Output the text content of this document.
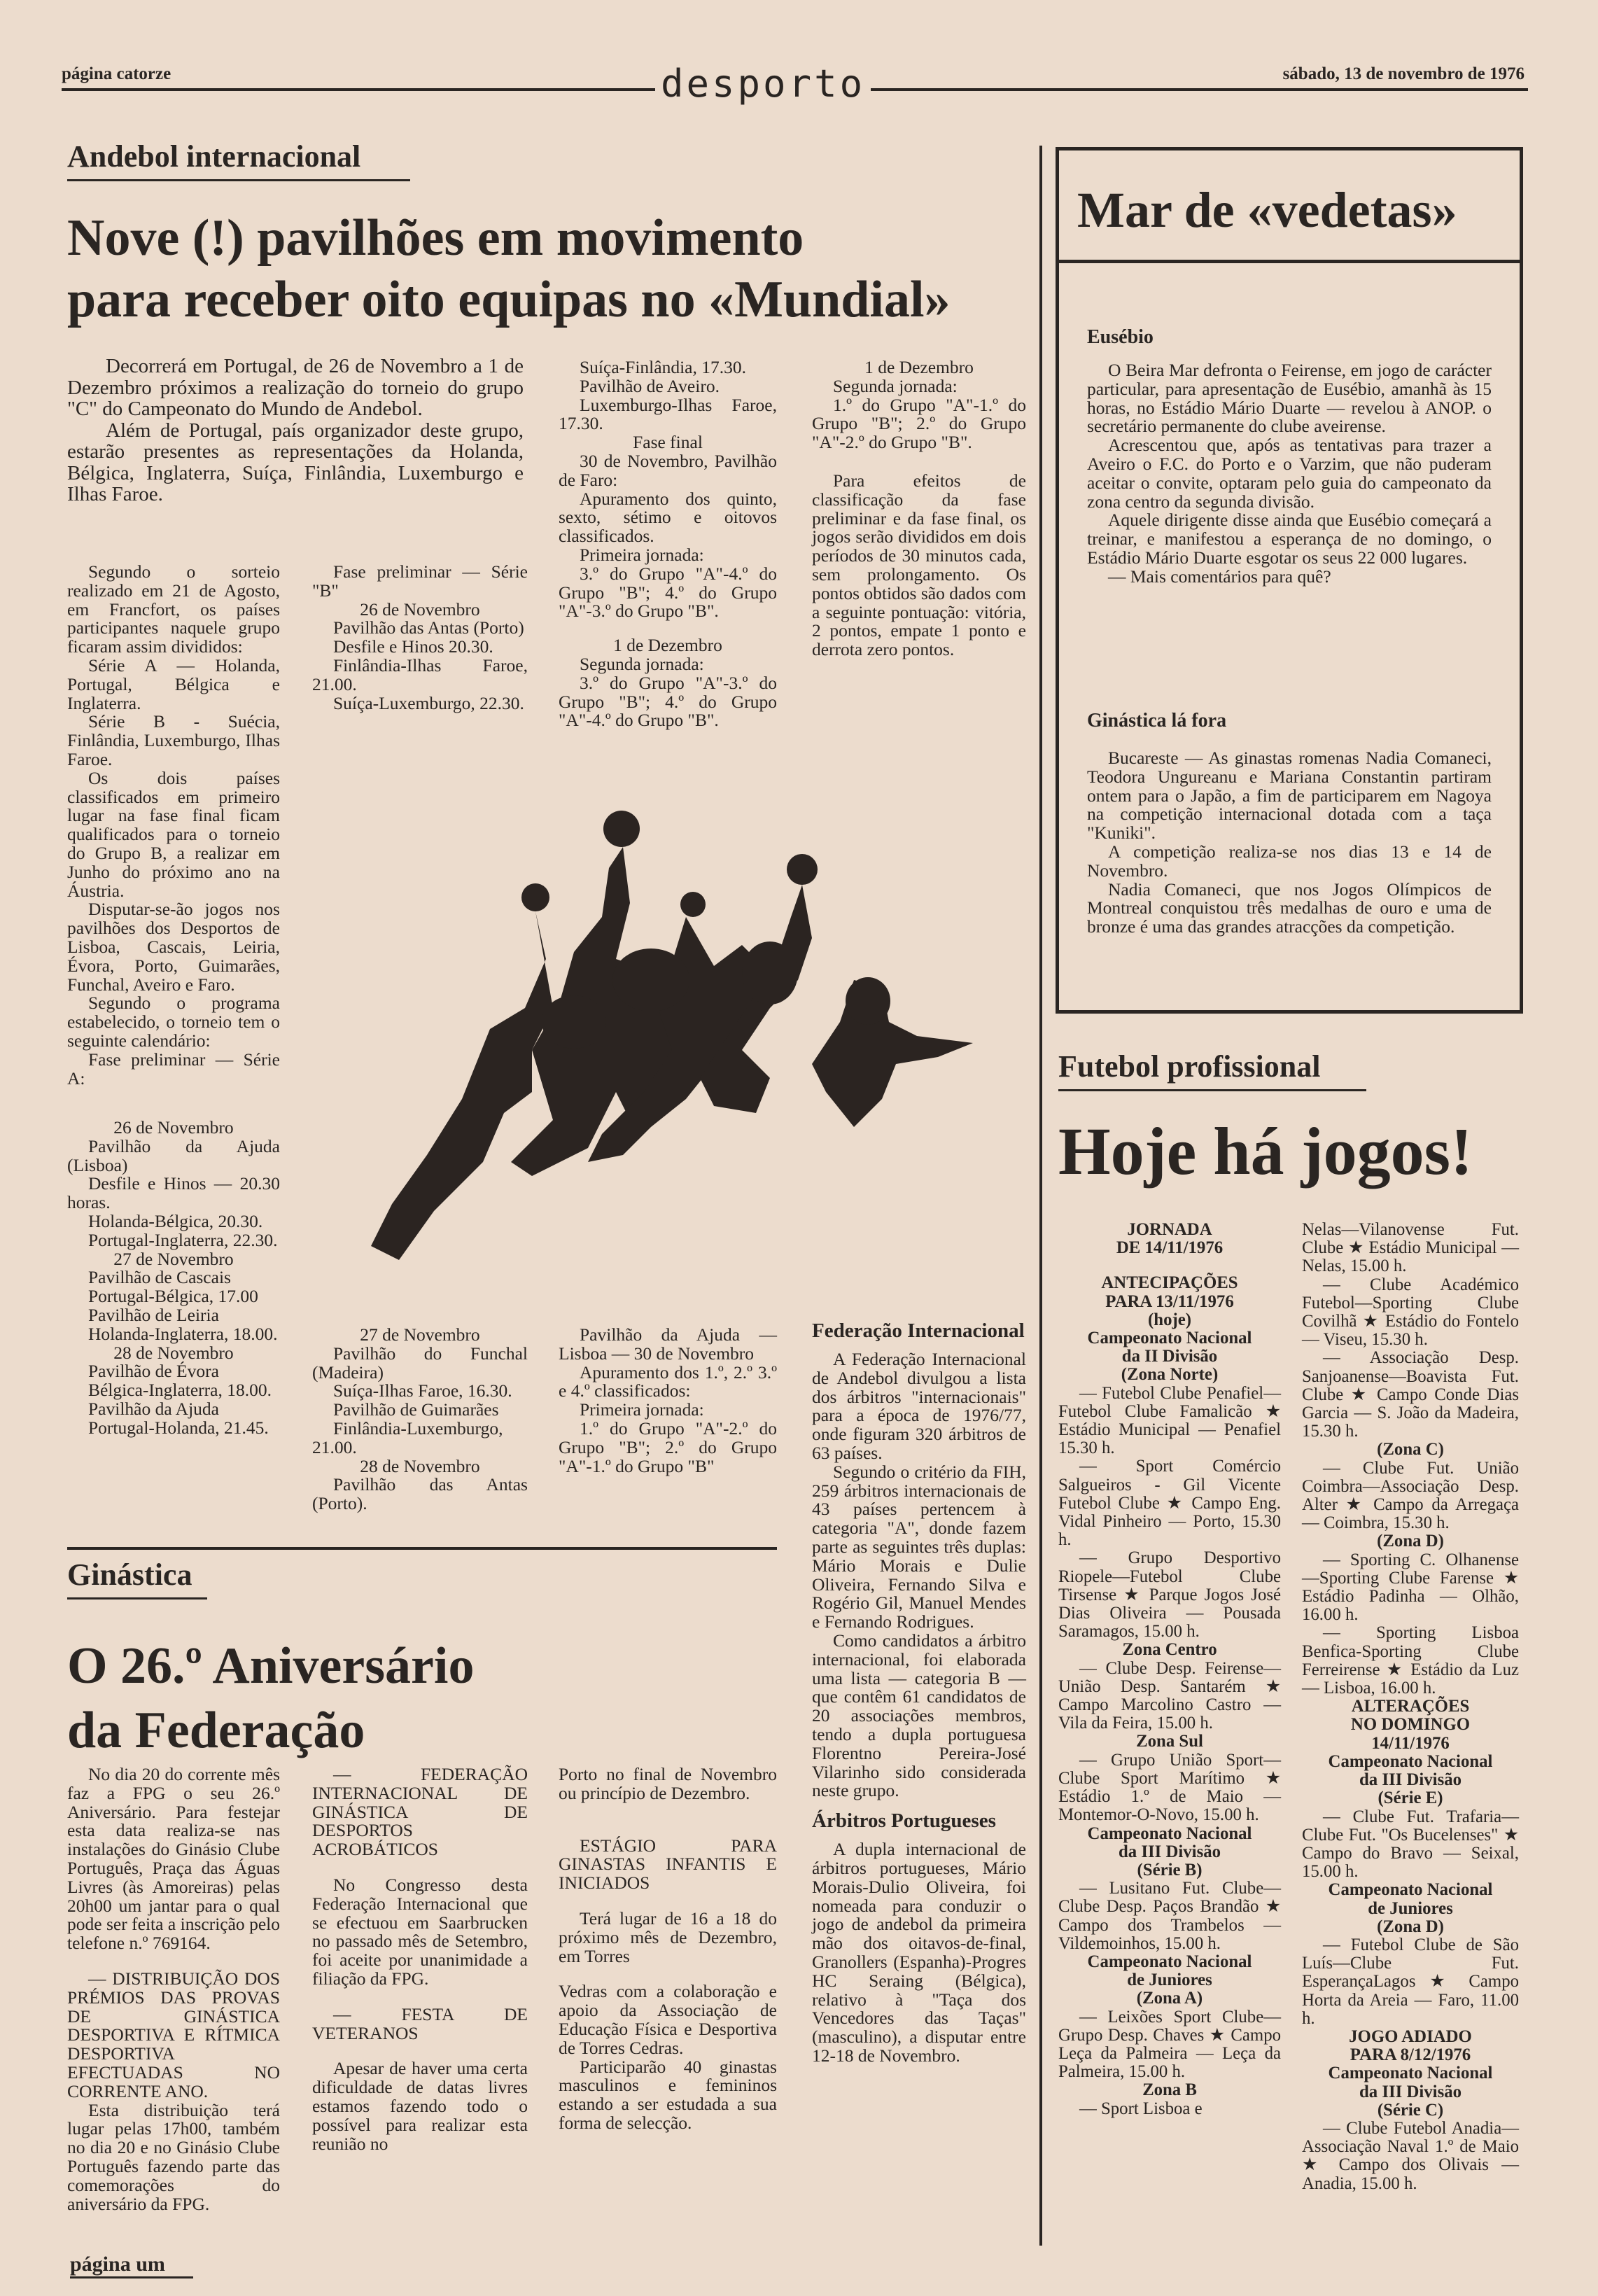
página catorze	desporto	sábado, 13 de novembro de 1976
Andebol internacional
Nove (!) pavilhões em movimento
para receber oito equipas no «Mundial»

Decorrerá em Portugal, de 26 de Novembro a 1 de Dezembro próximos a realização do torneio do grupo "C" do Campeonato do Mundo de Andebol.

Além de Portugal, país organizador deste grupo, estarão presentes as representações da Holanda, Bélgica, Inglaterra, Suíça, Finlândia, Luxemburgo e Ilhas Faroe.

Segundo o sorteio realizado em 21 de Agosto, em Francfort, os países participantes naquele grupo ficaram assim divididos:

Série A — Holanda, Portugal, Bélgica e Inglaterra.

Série B - Suécia, Finlândia, Luxemburgo, Ilhas Faroe.

Os dois países classificados em primeiro lugar na fase final ficam qualificados para o torneio do Grupo B, a realizar em Junho do próximo ano na Áustria.

Disputar-se-ão jogos nos pavilhões dos Desportos de Lisboa, Cascais, Leiria, Évora, Porto, Guimarães, Funchal, Aveiro e Faro.

Segundo o programa estabelecido, o torneio tem o seguinte calendário:

Fase preliminar — Série A:

26 de Novembro

Pavilhão da Ajuda (Lisboa)

Desfile e Hinos — 20.30 horas.

Holanda-Bélgica, 20.30.

Portugal-Inglaterra, 22.30.

27 de Novembro

Pavilhão de Cascais

Portugal-Bélgica, 17.00

Pavilhão de Leiria

Holanda-Inglaterra, 18.00.

28 de Novembro

Pavilhão de Évora

Bélgica-Inglaterra, 18.00.

Pavilhão da Ajuda

Portugal-Holanda, 21.45.

Fase preliminar — Série "B"

26 de Novembro

Pavilhão das Antas (Porto)

Desfile e Hinos 20.30.

Finlândia-Ilhas Faroe, 21.00.

Suíça-Luxemburgo, 22.30.

27 de Novembro

Pavilhão do Funchal (Madeira)

Suíça-Ilhas Faroe, 16.30.

Pavilhão de Guimarães

Finlândia-Luxemburgo, 21.00.

28 de Novembro

Pavilhão das Antas (Porto).

Suíça-Finlândia, 17.30.

Pavilhão de Aveiro.

Luxemburgo-Ilhas Faroe, 17.30.

Fase final

30 de Novembro, Pavilhão de Faro:

Apuramento dos quinto, sexto, sétimo e oitovos classificados.

Primeira jornada:

3.º do Grupo "A"-4.º do Grupo "B"; 4.º do Grupo "A"-3.º do Grupo "B".

1 de Dezembro

Segunda jornada:

3.º do Grupo "A"-3.º do Grupo "B"; 4.º do Grupo "A"-4.º do Grupo "B".

Pavilhão da Ajuda — Lisboa — 30 de Novembro

Apuramento dos 1.º, 2.º 3.º e 4.º classificados:

Primeira jornada:

1.º do Grupo "A"-2.º do Grupo "B"; 2.º do Grupo "A"-1.º do Grupo "B"

1 de Dezembro

Segunda jornada:

1.º do Grupo "A"-1.º do Grupo "B"; 2.º do Grupo "A"-2.º do Grupo "B".

Para efeitos de classificação da fase preliminar e da fase final, os jogos serão divididos em dois períodos de 30 minutos cada, sem prolongamento. Os pontos obtidos são dados com a seguinte pontuação: vitória, 2 pontos, empate 1 ponto e derrota zero pontos.

Federação Internacional

A Federação Internacional de Andebol divulgou a lista dos árbitros "internacionais" para a época de 1976/77, onde figuram 320 árbitros de 63 países.

Segundo o critério da FIH, 259 árbitros internacionais de 43 países pertencem à categoria "A", donde fazem parte as seguintes três duplas: Mário Morais e Dulie Oliveira, Fernando Silva e Rogério Gil, Manuel Mendes e Fernando Rodrigues.

Como candidatos a árbitro internacional, foi elaborada uma lista — categoria B — que contêm 61 candidatos de 20 associações membros, tendo a dupla portuguesa Florentno Pereira-José Vilarinho sido considerada neste grupo.

Árbitros Portugueses

A dupla internacional de árbitros portugueses, Mário Morais-Dulio Oliveira, foi nomeada para conduzir o jogo de andebol da primeira mão dos oitavos-de-final, Granollers (Espanha)-Progres HC Seraing (Bélgica), relativo à "Taça dos Vencedores das Taças" (masculino), a disputar entre 12-18 de Novembro.

Ginástica
O 26.º Aniversário
da Federação

No dia 20 do corrente mês faz a FPG o seu 26.º Aniversário. Para festejar esta data realiza-se nas instalações do Ginásio Clube Português, Praça das Águas Livres (às Amoreiras) pelas 20h00 um jantar para o qual pode ser feita a inscrição pelo telefone n.º 769164.

— DISTRIBUIÇÃO DOS PRÉMIOS DAS PROVAS DE GINÁSTICA DESPORTIVA E RÍTMICA DESPORTIVA EFECTUADAS NO CORRENTE ANO.

Esta distribuição terá lugar pelas 17h00, também no dia 20 e no Ginásio Clube Português fazendo parte das comemorações do aniversário da FPG.

— FEDERAÇÃO INTERNACIONAL DE GINÁSTICA DE DESPORTOS ACROBÁTICOS

No Congresso desta Federação Internacional que se efectuou em Saarbrucken no passado mês de Setembro, foi aceite por unanimidade a filiação da FPG.

— FESTA DE VETERANOS

Apesar de haver uma certa dificuldade de datas livres estamos fazendo todo o possível para realizar esta reunião no

Porto no final de Novembro ou princípio de Dezembro.

ESTÁGIO PARA GINASTAS INFANTIS E INICIADOS

Terá lugar de 16 a 18 do próximo mês de Dezembro, em Torres

Vedras com a colaboração e apoio da Associação de Educação Física e Desportiva de Torres Cedras.

Participarão 40 ginastas masculinos e femininos estando a ser estudada a sua forma de selecção.

página um
Mar de «vedetas»
Eusébio

O Beira Mar defronta o Feirense, em jogo de carácter particular, para apresentação de Eusébio, amanhã às 15 horas, no Estádio Mário Duarte — revelou à ANOP. o secretário permanente do clube aveirense.

Acrescentou que, após as tentativas para trazer a Aveiro o F.C. do Porto e o Varzim, que não puderam aceitar o convite, optaram pelo guia do campeonato da zona centro da segunda divisão.

Aquele dirigente disse ainda que Eusébio começará a treinar, e manifestou a esperança de no domingo, o Estádio Mário Duarte esgotar os seus 22 000 lugares.

— Mais comentários para quê?

Ginástica lá fora

Bucareste — As ginastas romenas Nadia Comaneci, Teodora Ungureanu e Mariana Constantin partiram ontem para o Japão, a fim de participarem em Nagoya na competição internacional dotada com a taça "Kuniki".

A competição realiza-se nos dias 13 e 14 de Novembro.

Nadia Comaneci, que nos Jogos Olímpicos de Montreal conquistou três medalhas de ouro e uma de bronze é uma das grandes atracções da competição.

Futebol profissional
Hoje há jogos!

JORNADA

DE 14/11/1976

ANTECIPAÇÕES

PARA 13/11/1976

(hoje)

Campeonato Nacional

da II Divisão

(Zona Norte)

— Futebol Clube Penafiel—Futebol Clube Famalicão ★ Estádio Municipal — Penafiel 15.30 h.

— Sport Comércio Salgueiros - Gil Vicente Futebol Clube ★ Campo Eng. Vidal Pinheiro — Porto, 15.30 h.

— Grupo Desportivo Riopele—Futebol Clube Tirsense ★ Parque Jogos José Dias Oliveira — Pousada Saramagos, 15.00 h.

Zona Centro

— Clube Desp. Feirense—União Desp. Santarém ★ Campo Marcolino Castro — Vila da Feira, 15.00 h.

Zona Sul

— Grupo União Sport—Clube Sport Marítimo ★ Estádio 1.º de Maio — Montemor-O-Novo, 15.00 h.

Campeonato Nacional

da III Divisão

(Série B)

— Lusitano Fut. Clube—Clube Desp. Paços Brandão ★ Campo dos Trambelos — Vildemoinhos, 15.00 h.

Campeonato Nacional

de Juniores

(Zona A)

— Leixões Sport Clube—Grupo Desp. Chaves ★ Campo Leça da Palmeira — Leça da Palmeira, 15.00 h.

Zona B

— Sport Lisboa e

Nelas—Vilanovense Fut. Clube ★ Estádio Municipal — Nelas, 15.00 h.

— Clube Académico Futebol—Sporting Clube Covilhã ★ Estádio do Fontelo — Viseu, 15.30 h.

— Associação Desp. Sanjoanense—Boavista Fut. Clube ★ Campo Conde Dias Garcia — S. João da Madeira, 15.30 h.

(Zona C)

— Clube Fut. União Coimbra—Associação Desp. Alter ★ Campo da Arregaça — Coimbra, 15.30 h.

(Zona D)

— Sporting C. Olhanense—Sporting Clube Farense ★ Estádio Padinha — Olhão, 16.00 h.

— Sporting Lisboa Benfica-Sporting Clube Ferreirense ★ Estádio da Luz — Lisboa, 16.00 h.

ALTERAÇÕES

NO DOMINGO

14/11/1976

Campeonato Nacional

da III Divisão

(Série E)

— Clube Fut. Trafaria—Clube Fut. "Os Bucelenses" ★ Campo do Bravo — Seixal, 15.00 h.

Campeonato Nacional

de Juniores

(Zona D)

— Futebol Clube de São Luís—Clube Fut. EsperançaLagos ★ Campo Horta da Areia — Faro, 11.00 h.

JOGO ADIADO

PARA 8/12/1976

Campeonato Nacional

da III Divisão

(Série C)

— Clube Futebol Anadia—Associação Naval 1.º de Maio ★ Campo dos Olivais — Anadia, 15.00 h.
